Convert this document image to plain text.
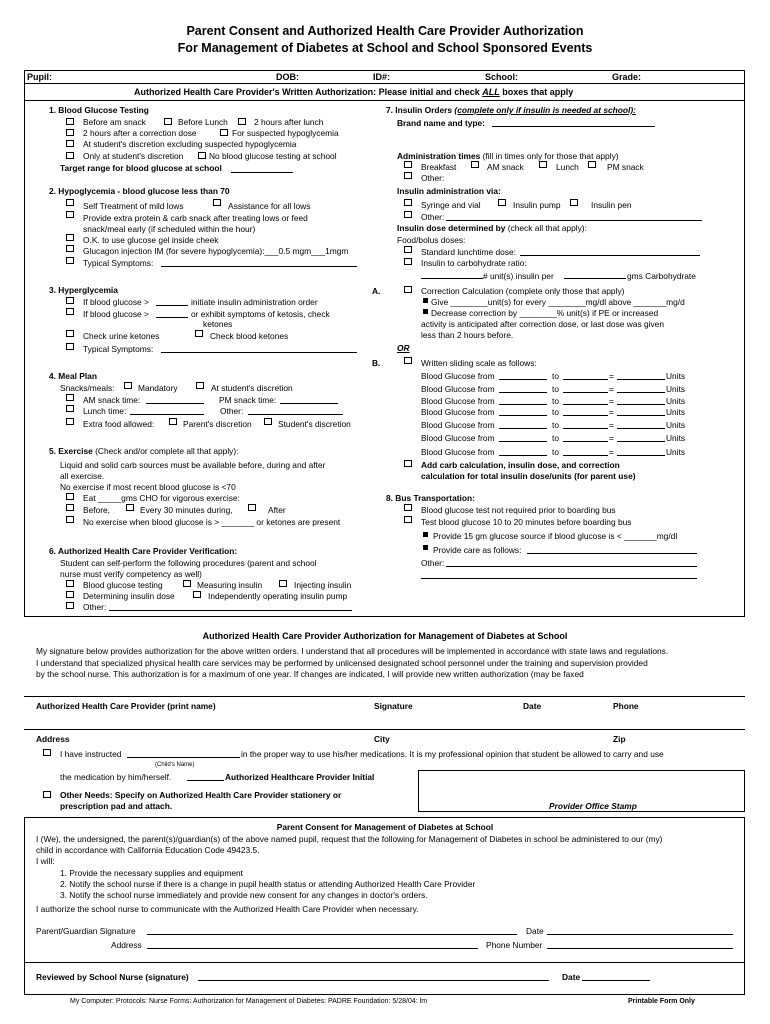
Parent Consent and Authorized Health Care Provider Authorization
For Management of Diabetes at School and School Sponsored Events
Pupil:	DOB:	ID#:	School:	Grade:
Authorized Health Care Provider's Written Authorization: Please initial and check ALL boxes that apply
1. Blood Glucose Testing
Before am snack	Before Lunch	2 hours after lunch
2 hours after a correction dose	For suspected hypoglycemia
At student's discretion excluding suspected hypoglycemia
Only at student's discretion	No blood glucose testing at school
Target range for blood glucose at school
2. Hypoglycemia - blood glucose less than 70
Self Treatment of mild lows	Assistance for all lows
Provide extra protein & carb snack after treating lows or feed
snack/meal early (if scheduled within the hour)
O.K. to use glucose gel inside cheek
Glucagon injection IM (for severe hypoglycemia):___0.5 mgm___1mgm
Typical Symptoms:
3. Hyperglycemia
If blood glucose >	initiate insulin administration order
If blood glucose >	or exhibit symptoms of ketosis, check
ketones
Check urine ketones	Check blood ketones
Typical Symptoms:
4. Meal Plan
Snacks/meals:	Mandatory	At student's discretion
AM snack time:	PM snack time:
Lunch time:	Other:
Extra food allowed:	Parent's discretion	Student's discretion
5. Exercise (Check and/or complete all that apply):
Liquid and solid carb sources must be available before, during and after
all exercise.
No exercise if most recent blood glucose is <70
Eat _____gms CHO for vigorous exercise:
Before,	Every 30 minutes during,	After
No exercise when blood glucose is > _______ or ketones are present
6. Authorized Health Care Provider Verification:
Student can self-perform the following procedures (parent and school
nurse must verify competency as well)
Blood glucose testing	Measuring insulin	Injecting insulin
Determining insulin dose	Independently operating insulin pump
Other:
7. Insulin Orders (complete only if insulin is needed at school):
Brand name and type:
Administration times (fill in times only for those that apply)
Breakfast	AM snack	Lunch	PM snack
Other:
Insulin administration via:
Syringe and vial	Insulin pump	Insulin pen
Other:
Insulin dose determined by (check all that apply):
Food/bolus doses:
Standard lunchtime dose:
Insulin to carbohydrate ratio:
# unit(s) insulin per	gms Carbohydrate
A.	Correction Calculation (complete only those that apply)
Give ________unit(s) for every ________mg/dl above _______mg/d
Decrease correction by ________% unit(s) if PE or increased
activity is anticipated after correction dose, or last dose was given
less than 2 hours before.
OR
B.	Written sliding scale as follows:
Blood Glucose from	to	=	Units
Blood Glucose from	to	=	Units
Blood Glucose from	to	=	Units
Blood Glucose from	to	=	Units
Blood Glucose from	to	=	Units
Blood Glucose from	to	=	Units
Blood Glucose from	to	=	Units
Add carb calculation, insulin dose, and correction
calculation for total insulin dose/units (for parent use)
8. Bus Transportation:
Blood glucose test not required prior to boarding bus
Test blood glucose 10 to 20 minutes before boarding bus
Provide 15 gm glucose source if blood glucose is < _______mg/dl
Provide care as follows:
Other:
Authorized Health Care Provider Authorization for Management of Diabetes at School
My signature below provides authorization for the above written orders. I understand that all procedures will be implemented in accordance with state laws and regulations.
I understand that specialized physical health care services may be performed by unlicensed designated school personnel under the training and supervision provided
by the school nurse. This authorization is for a maximum of one year. If changes are indicated, I will provide new written authorization (may be faxed
Authorized Health Care Provider (print name)	Signature	Date	Phone
Address	City	Zip
I have instructed	in the proper way to use his/her medications. It is my professional opinion that student be allowed to carry and use
(Child's Name)
the medication by him/herself.	Authorized Healthcare Provider Initial
Other Needs: Specify on Authorized Health Care Provider stationery or
prescription pad and attach.	Provider Office Stamp
Parent Consent for Management of Diabetes at School
I (We), the undersigned, the parent(s)/guardian(s) of the above named pupil, request that the following for Management of Diabetes in school be administered to our (my)
child in accordance with California Education Code 49423.5.
I will:
1. Provide the necessary supplies and equipment
2. Notify the school nurse if there is a change in pupil health status or attending Authorized Health Care Provider
3. Notify the school nurse immediately and provide new consent for any changes in doctor's orders.
I authorize the school nurse to communicate with the Authorized Health Care Provider when necessary.
Parent/Guardian Signature	Date
Address	Phone Number
Reviewed by School Nurse (signature)	Date
My Computer: Protocols: Nurse Forms: Authorization for Management of Diabetes: PADRE Foundation: 5/28/04: lm	Printable Form Only
